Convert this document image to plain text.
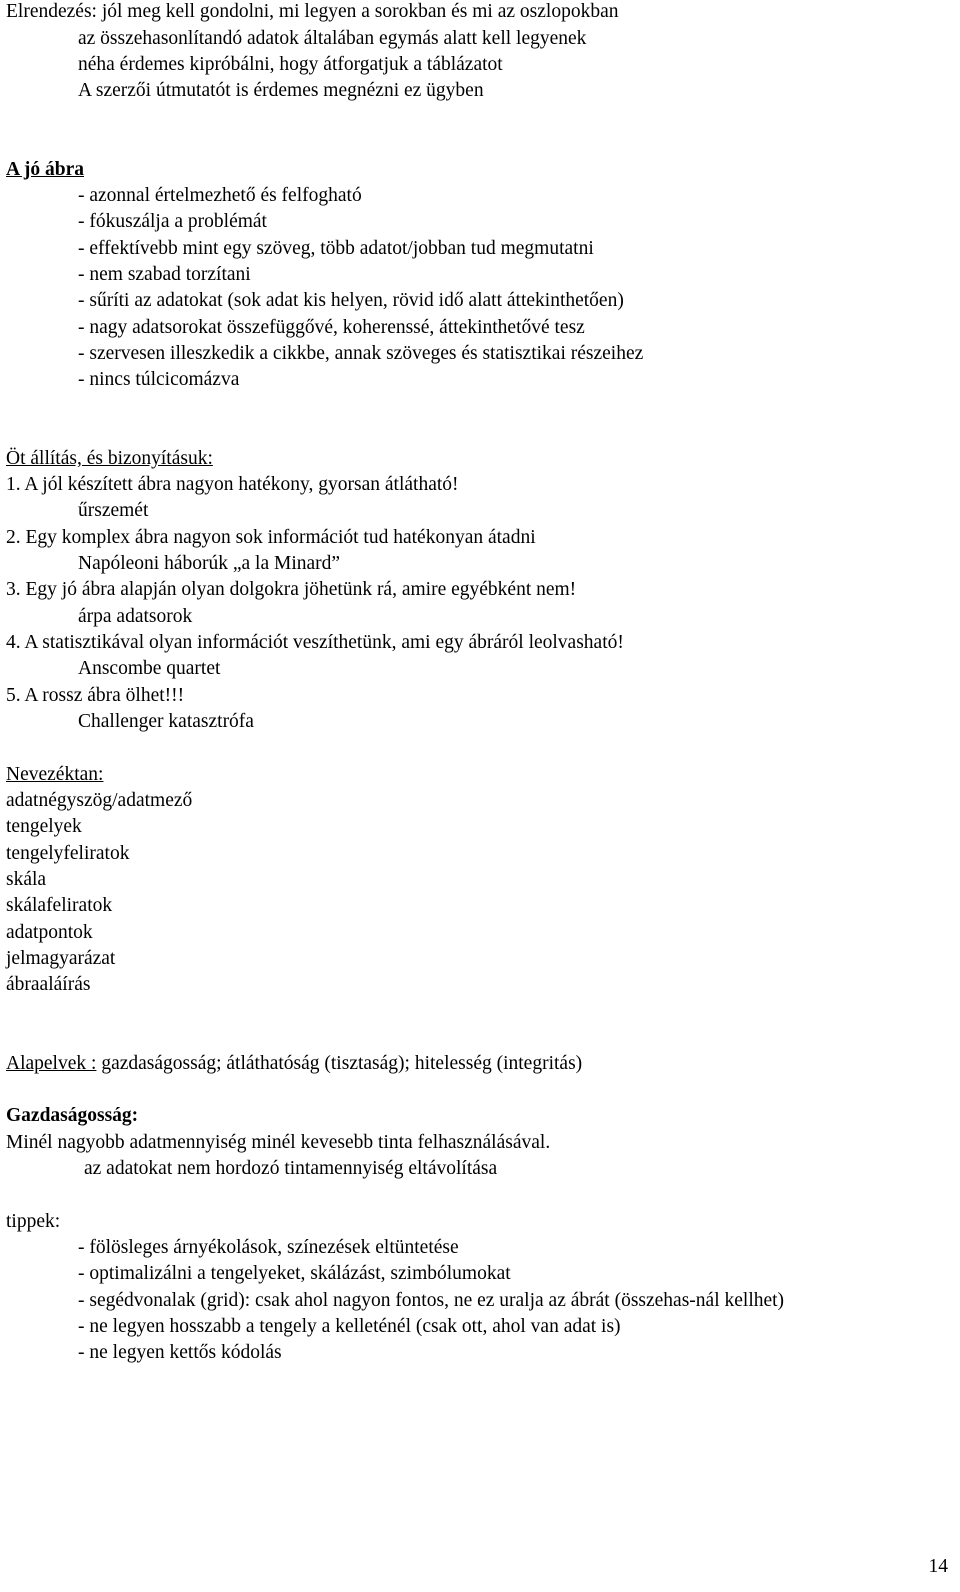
Elrendezés: jól meg kell gondolni, mi legyen a sorokban és mi az oszlopokban
az összehasonlítandó adatok általában egymás alatt kell legyenek
néha érdemes kipróbálni, hogy átforgatjuk a táblázatot
A szerzői útmutatót is érdemes megnézni ez ügyben
A jó ábra
- azonnal értelmezhető és felfogható
- fókuszálja a problémát
- effektívebb mint egy szöveg, több adatot/jobban tud megmutatni
- nem szabad torzítani
- sűríti az adatokat (sok adat kis helyen, rövid idő alatt áttekinthetően)
- nagy adatsorokat összefüggővé, koherenssé, áttekinthetővé tesz
- szervesen illeszkedik a cikkbe, annak szöveges és statisztikai részeihez
- nincs túlcicomázva
Öt állítás, és bizonyításuk:
1. A jól készített ábra nagyon hatékony, gyorsan átlátható!
űrszemét
2. Egy komplex ábra nagyon sok információt tud hatékonyan átadni
Napóleoni háborúk „a la Minard”
3. Egy jó ábra alapján olyan dolgokra jöhetünk rá, amire egyébként nem!
árpa adatsorok
4. A statisztikával olyan információt veszíthetünk, ami egy ábráról leolvasható!
Anscombe quartet
5. A rossz ábra ölhet!!!
Challenger katasztrófa
Nevezéktan:
adatnégyszög/adatmező
tengelyek
tengelyfeliratok
skála
skálafeliratok
adatpontok
jelmagyarázat
ábraaláírás
Alapelvek : gazdaságosság; átláthatóság (tisztaság); hitelesség (integritás)
Gazdaságosság:
Minél nagyobb adatmennyiség minél kevesebb tinta felhasználásával.
az adatokat nem hordozó tintamennyiség eltávolítása
tippek:
- fölösleges árnyékolások, színezések eltüntetése
- optimalizálni a tengelyeket, skálázást, szimbólumokat
- segédvonalak (grid): csak ahol nagyon fontos, ne ez uralja az ábrát (összehas-nál kellhet)
- ne legyen hosszabb a tengely a kelleténél (csak ott, ahol van adat is)
- ne legyen kettős kódolás
14
